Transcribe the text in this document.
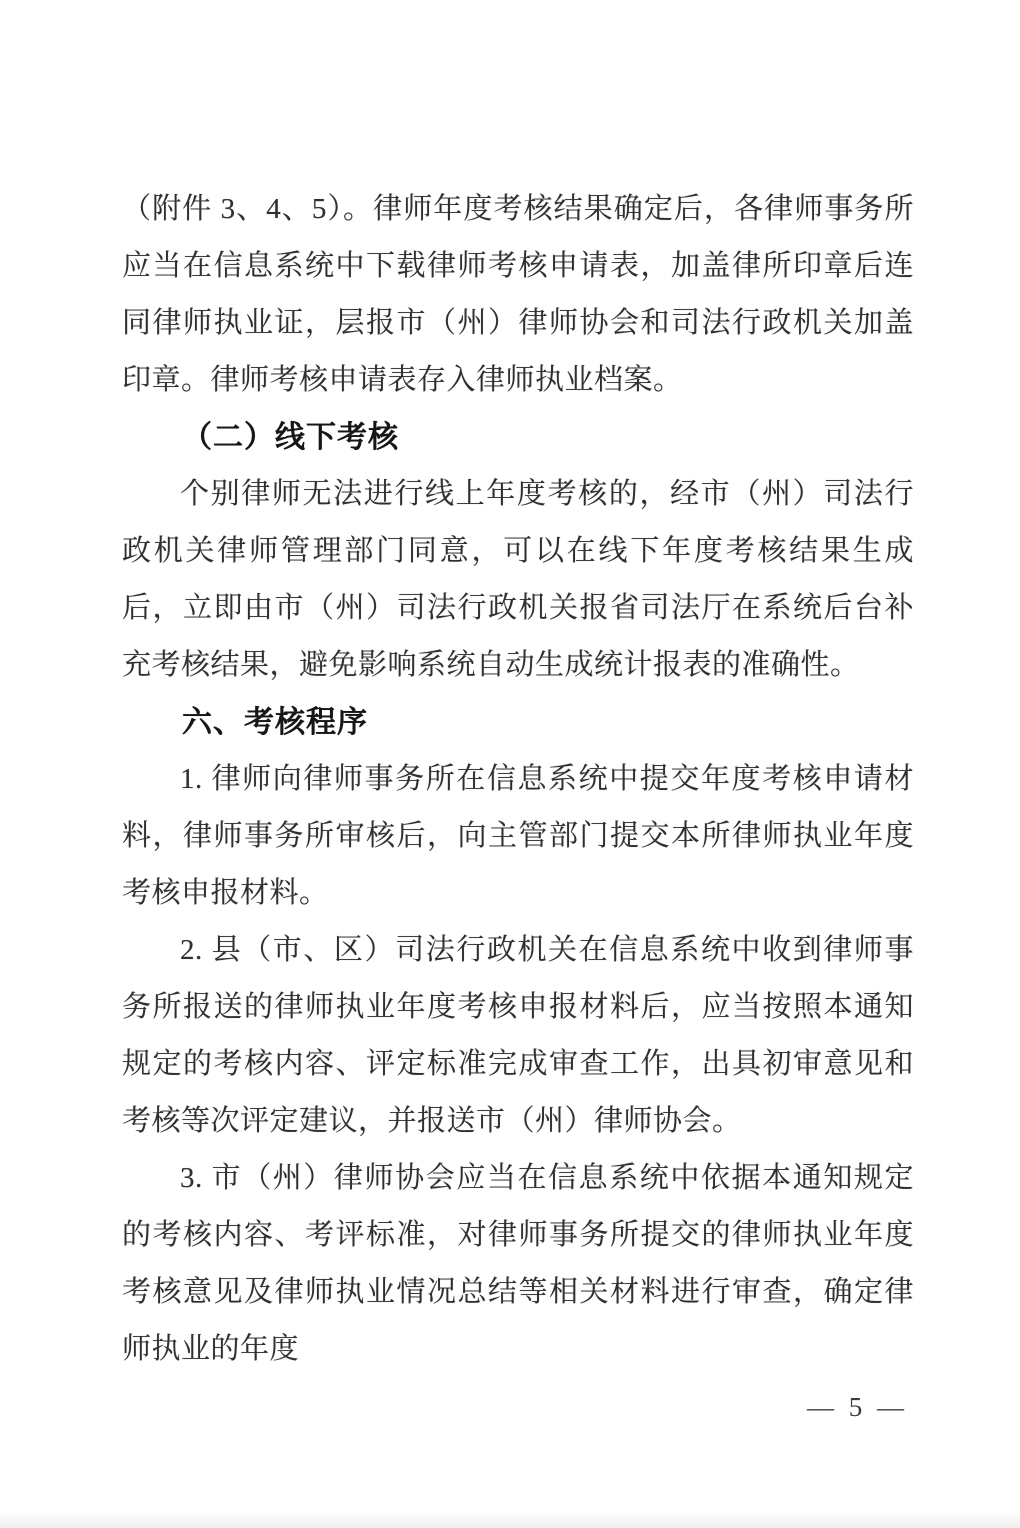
（附件 3、4、5）。律师年度考核结果确定后，各律师事务所应当在信息系统中下载律师考核申请表，加盖律所印章后连同律师执业证，层报市（州）律师协会和司法行政机关加盖印章。律师考核申请表存入律师执业档案。

（二）线下考核

个别律师无法进行线上年度考核的，经市（州）司法行政机关律师管理部门同意，可以在线下年度考核结果生成后，立即由市（州）司法行政机关报省司法厅在系统后台补充考核结果，避免影响系统自动生成统计报表的准确性。

六、考核程序

1. 律师向律师事务所在信息系统中提交年度考核申请材料，律师事务所审核后，向主管部门提交本所律师执业年度考核申报材料。

2. 县（市、区）司法行政机关在信息系统中收到律师事务所报送的律师执业年度考核申报材料后，应当按照本通知规定的考核内容、评定标准完成审查工作，出具初审意见和考核等次评定建议，并报送市（州）律师协会。

3. 市（州）律师协会应当在信息系统中依据本通知规定的考核内容、考评标准，对律师事务所提交的律师执业年度考核意见及律师执业情况总结等相关材料进行审查，确定律师执业的年度

— 5 —
